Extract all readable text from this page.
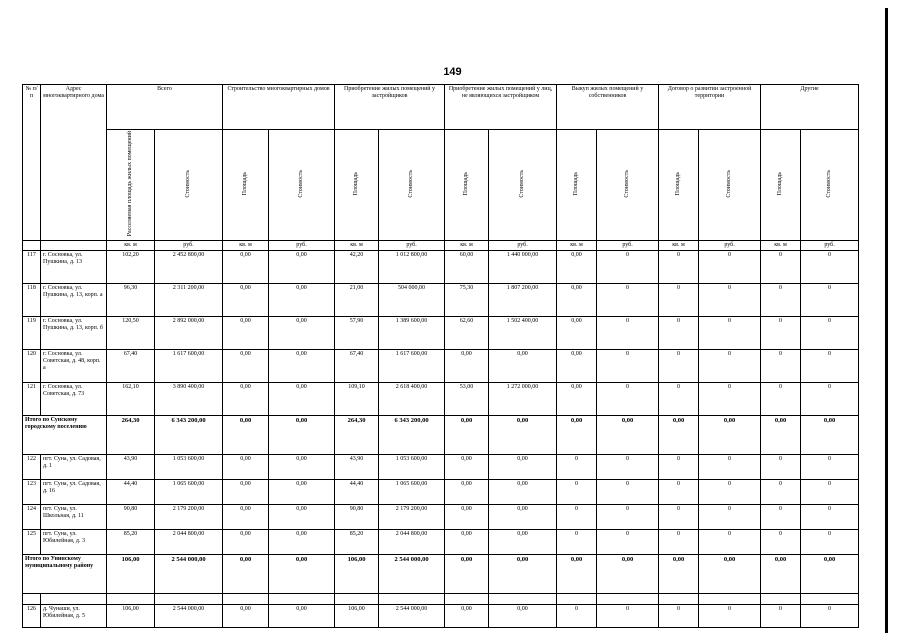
149
№ п/п	Адрес многоквартирного дома	Всего		Строительство многоквартирных домов		Приобретение жилых помещений у застройщиков		Приобретение жилых помещений у лиц, не являющихся застройщиком		Выкуп жилых помещений у собственников		Договор о развитии застроенной территории		Другие	
		Расселяемая площадь жилых помещений	Стоимость	Площадь	Стоимость	Площадь	Стоимость	Площадь	Стоимость	Площадь	Стоимость	Площадь	Стоимость	Площадь	Стоимость
		кв. м	руб.	кв. м	руб.	кв. м	руб.	кв. м	руб.	кв. м	руб.	кв. м	руб.	кв. м	руб.
117	г. Сосновка, ул. Пушкина, д. 13	102,20	2 452 800,00	0,00	0,00	42,20	1 012 800,00	60,00	1 440 000,00	0,00	0	0	0	0	0
118	г. Сосновка, ул. Пушкина, д. 13, корп. а	96,30	2 311 200,00	0,00	0,00	21,00	504 000,00	75,30	1 807 200,00	0,00	0	0	0	0	0
119	г. Сосновка, ул. Пушкина, д. 13, корп. б	120,50	2 892 000,00	0,00	0,00	57,90	1 389 600,00	62,60	1 502 400,00	0,00	0	0	0	0	0
120	г. Сосновка, ул. Советская, д. 48, корп. а	67,40	1 617 600,00	0,00	0,00	67,40	1 617 600,00	0,00	0,00	0,00	0	0	0	0	0
121	г. Сосновка, ул. Советская, д. 73	162,10	3 890 400,00	0,00	0,00	109,10	2 618 400,00	53,00	1 272 000,00	0,00	0	0	0	0	0
Итого по Сунскому городскому поселению		264,30	6 343 200,00	0,00	0,00	264,30	6 343 200,00	0,00	0,00	0,00	0,00	0,00	0,00	0,00	0,00
122	пгт. Суна, ул. Садовая, д. 1	43,90	1 053 600,00	0,00	0,00	43,90	1 053 600,00	0,00	0,00	0	0	0	0	0	0
123	пгт. Суна, ул. Садовая, д. 16	44,40	1 065 600,00	0,00	0,00	44,40	1 065 600,00	0,00	0,00	0	0	0	0	0	0
124	пгт. Суна, ул. Школьная, д. 11	90,80	2 179 200,00	0,00	0,00	90,80	2 179 200,00	0,00	0,00	0	0	0	0	0	0
125	пгт. Суна, ул. Юбилейная, д. 3	85,20	2 044 800,00	0,00	0,00	85,20	2 044 800,00	0,00	0,00	0	0	0	0	0	0
Итого по Унинскому муниципальному району		106,00	2 544 000,00	0,00	0,00	106,00	2 544 000,00	0,00	0,00	0,00	0,00	0,00	0,00	0,00	0,00

126	д. Чунаши, ул. Юбилейная, д. 5	106,00	2 544 000,00	0,00	0,00	106,00	2 544 000,00	0,00	0,00	0	0	0	0	0	0
